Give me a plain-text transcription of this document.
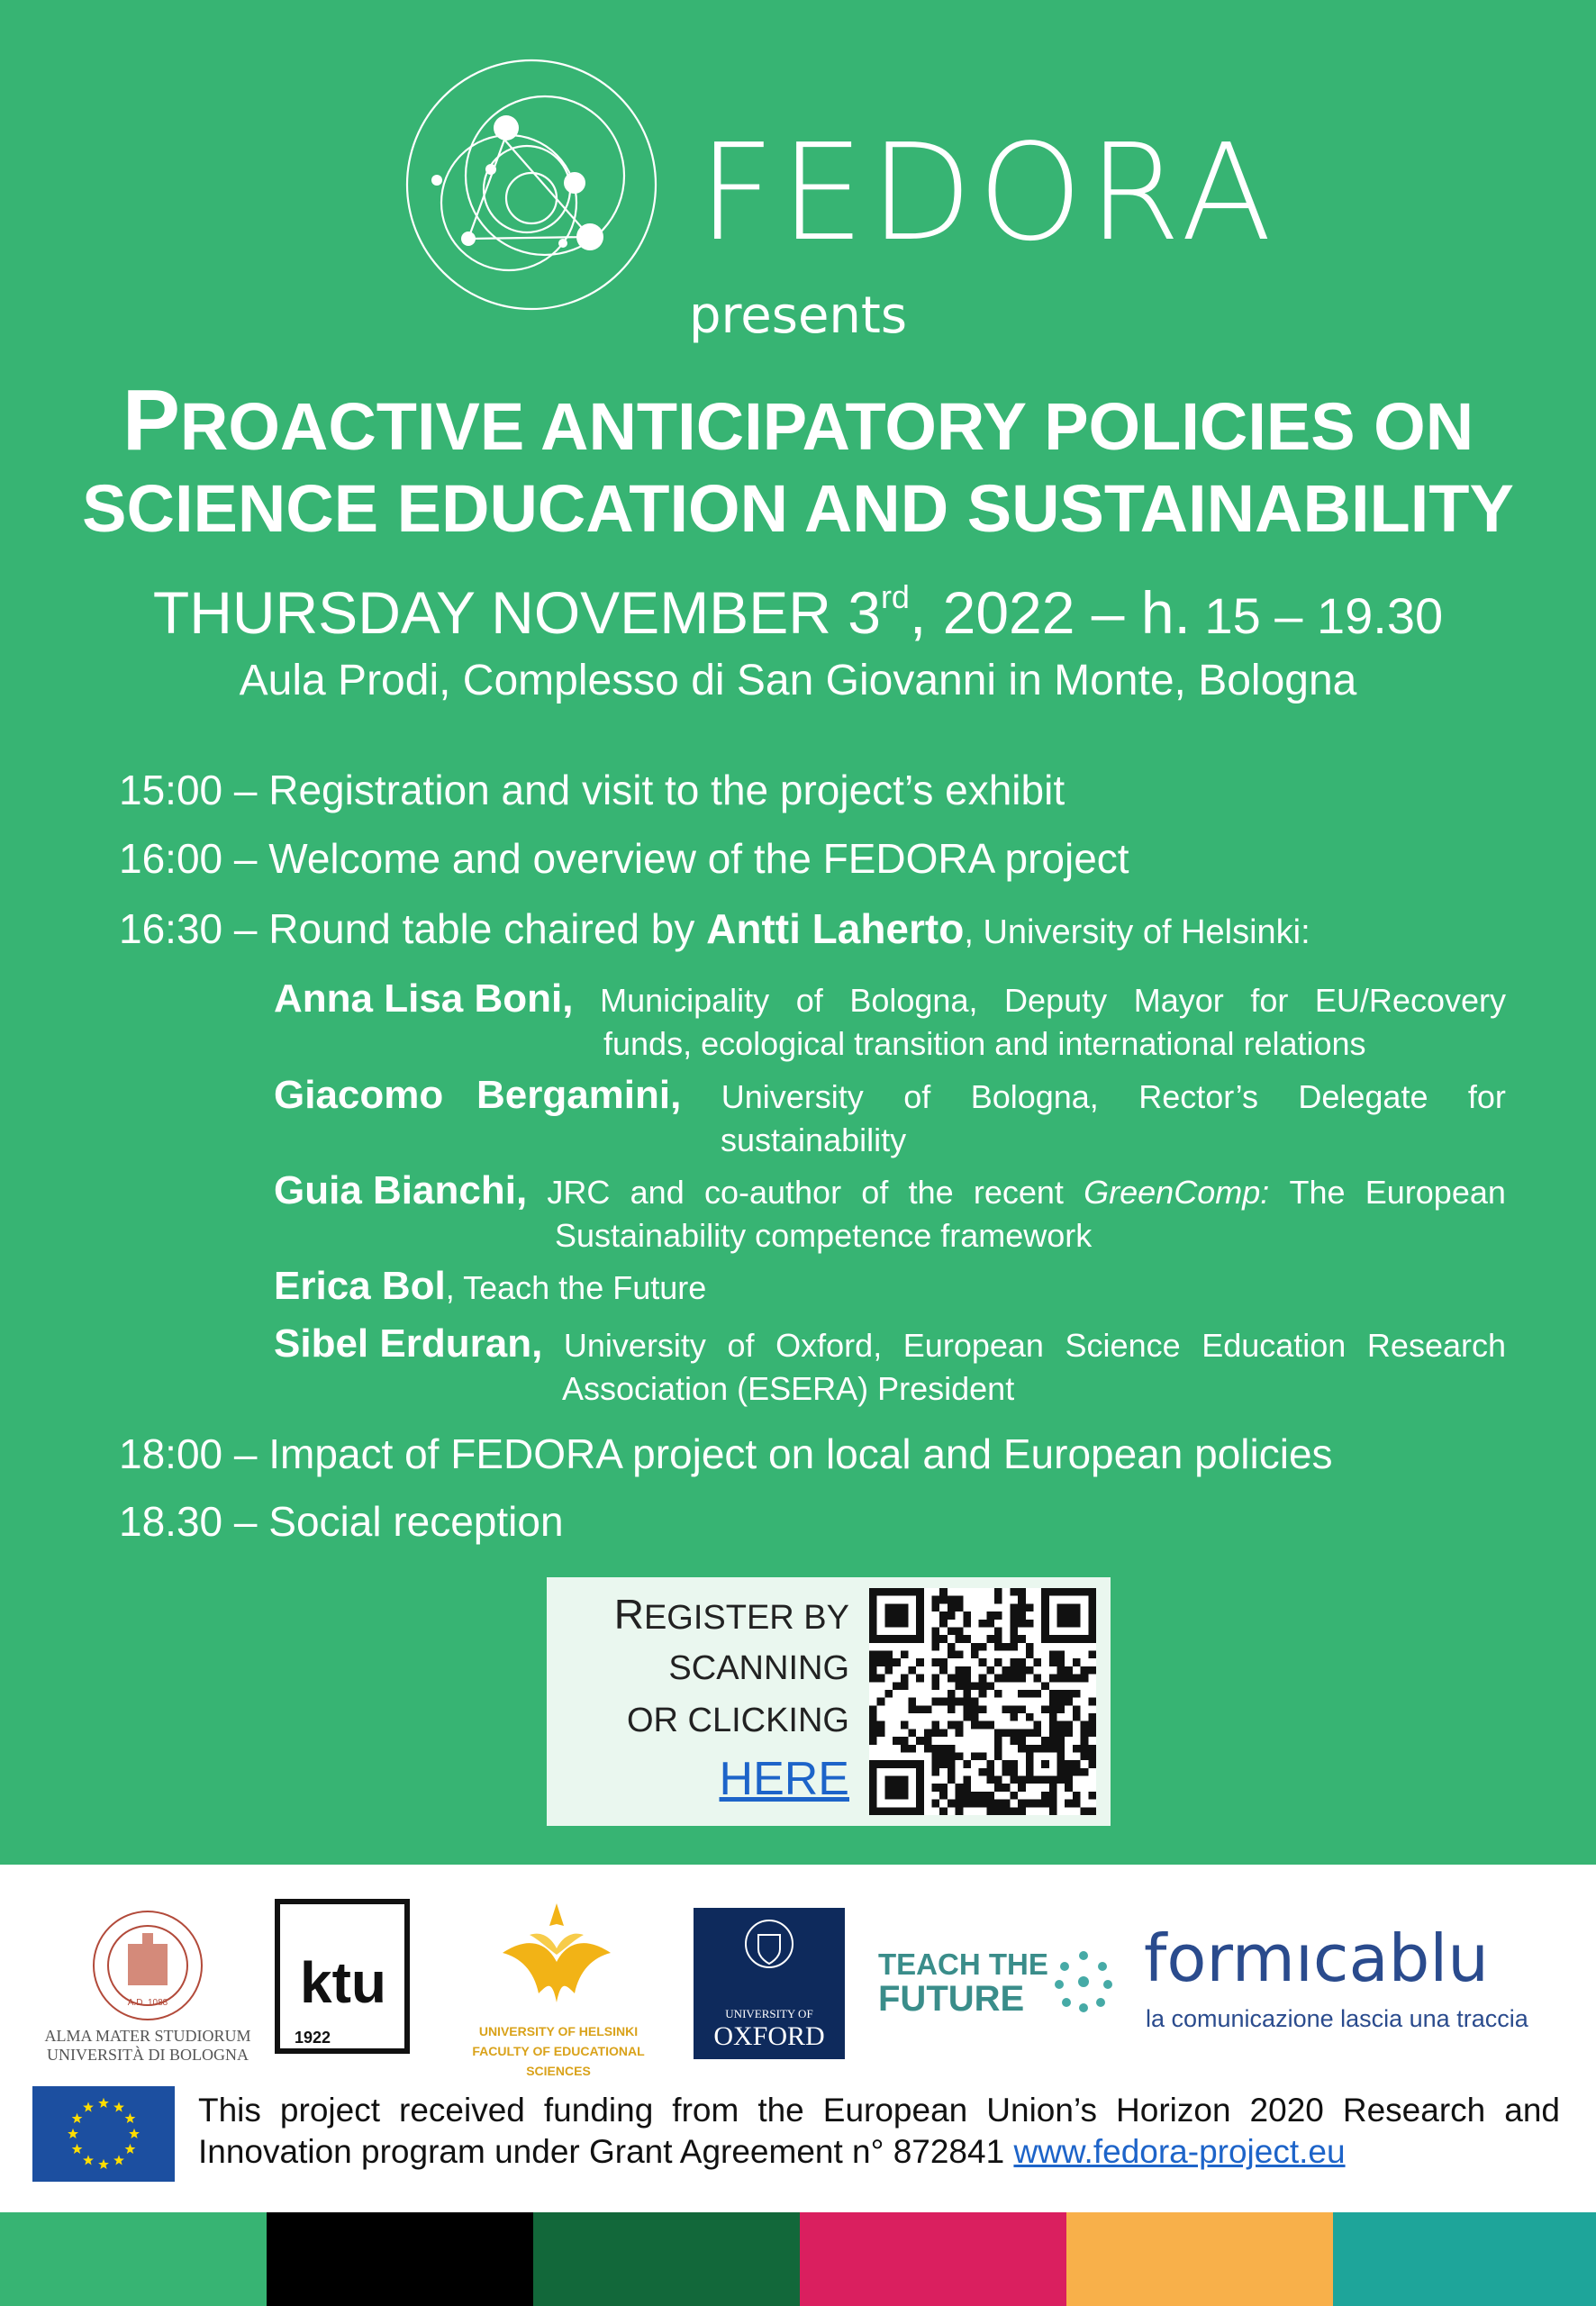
FEDORA
presents
PROACTIVE ANTICIPATORY POLICIES ON
SCIENCE EDUCATION AND SUSTAINABILITY
THURSDAY NOVEMBER 3rd, 2022 – h. 15 – 19.30
Aula Prodi, Complesso di San Giovanni in Monte, Bologna
15:00 – Registration and visit to the project’s exhibit
16:00 – Welcome and overview of the FEDORA project
16:30 – Round table chaired by Antti Laherto, University of Helsinki:
Anna Lisa Boni, Municipality of Bologna, Deputy Mayor for EU/Recovery
funds, ecological transition and international relations
Giacomo Bergamini, University of Bologna, Rector’s Delegate for
sustainability
Guia Bianchi, JRC and co-author of the recent GreenComp: The European
Sustainability competence framework
Erica Bol, Teach the Future
Sibel Erduran, University of Oxford, European Science Education Research
Association (ESERA) President
18:00 – Impact of FEDORA project on local and European policies
18.30 – Social reception
REGISTER BY
SCANNING
OR CLICKING
HERE
A.D. 1088
ALMA MATER STUDIORUM
UNIVERSITÀ DI BOLOGNA
ktu
1922	UNIVERSITY OF HELSINKI
FACULTY OF EDUCATIONAL SCIENCES
UNIVERSITY OF
OXFORD
TEACH THE
FUTURE
formıcablu
la comunicazione lascia una traccia
This project received funding from the European Union’s Horizon 2020 Research and Innovation program under Grant Agreement n° 872841 www.fedora-project.eu
